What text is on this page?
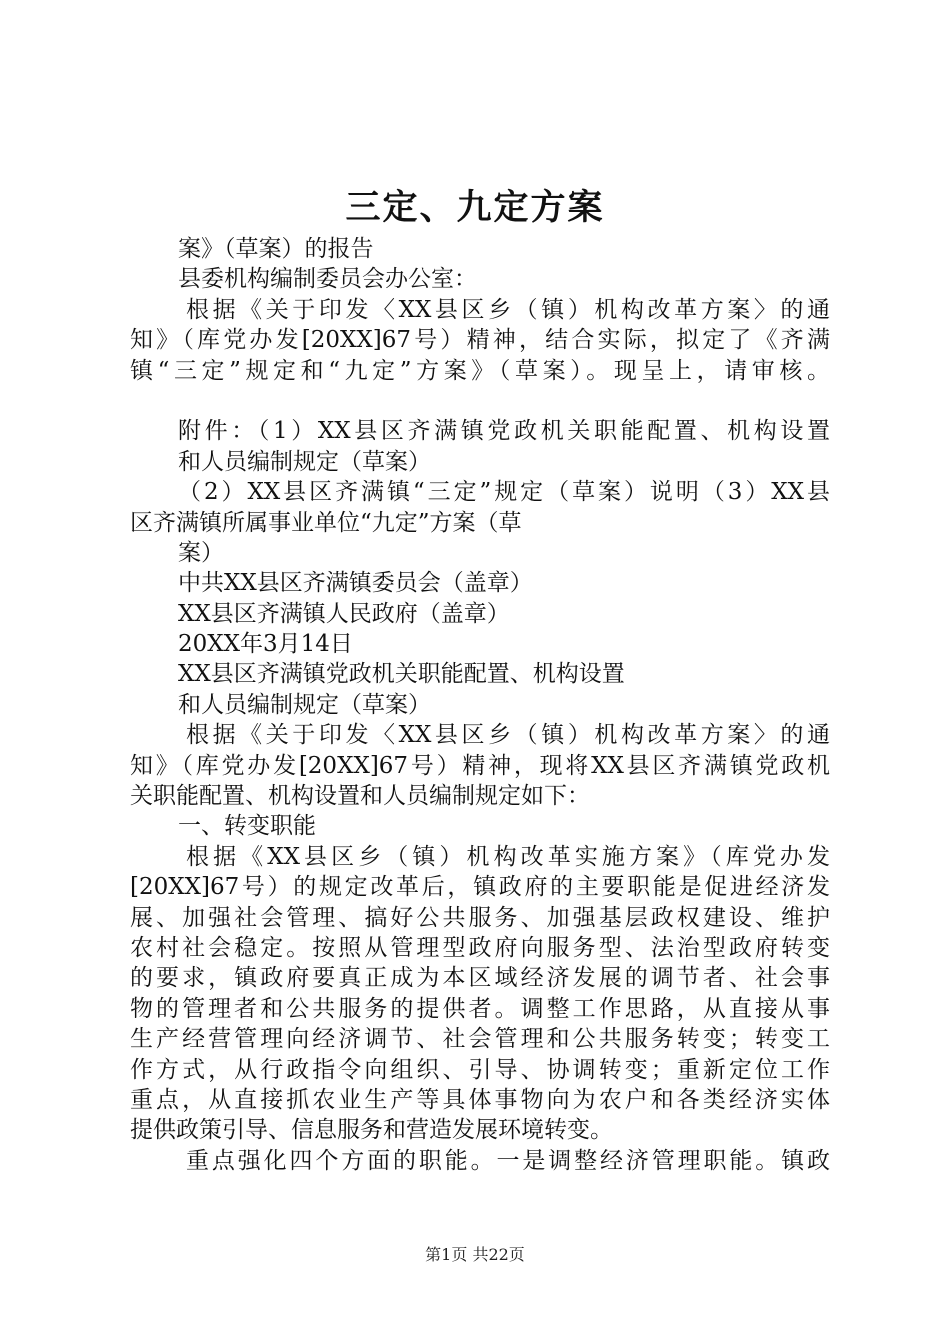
三定、九定方案
案》（草案）的报告
县委机构编制委员会办公室：
根据《关于印发〈XX县区乡（镇）机构改革方案〉的通
知》（库党办发[20XX]67号）精神，结合实际，拟定了《齐满
镇“三定”规定和“九定”方案》（草案）。现呈上，请审核。
附件：（1）XX县区齐满镇党政机关职能配置、机构设置
和人员编制规定（草案）
（2）XX县区齐满镇“三定”规定（草案）说明（3）XX县
区齐满镇所属事业单位“九定”方案（草
案）
中共XX县区齐满镇委员会（盖章）
XX县区齐满镇人民政府（盖章）
20XX年3月14日
XX县区齐满镇党政机关职能配置、机构设置
和人员编制规定（草案）
根据《关于印发〈XX县区乡（镇）机构改革方案〉的通
知》（库党办发[20XX]67号）精神，现将XX县区齐满镇党政机
关职能配置、机构设置和人员编制规定如下：
一、转变职能
根据《XX县区乡（镇）机构改革实施方案》（库党办发
[20XX]67号）的规定改革后，镇政府的主要职能是促进经济发
展、加强社会管理、搞好公共服务、加强基层政权建设、维护
农村社会稳定。按照从管理型政府向服务型、法治型政府转变
的要求，镇政府要真正成为本区域经济发展的调节者、社会事
物的管理者和公共服务的提供者。调整工作思路，从直接从事
生产经营管理向经济调节、社会管理和公共服务转变；转变工
作方式，从行政指令向组织、引导、协调转变；重新定位工作
重点，从直接抓农业生产等具体事物向为农户和各类经济实体
提供政策引导、信息服务和营造发展环境转变。
重点强化四个方面的职能。一是调整经济管理职能。镇政
第1页 共22页
